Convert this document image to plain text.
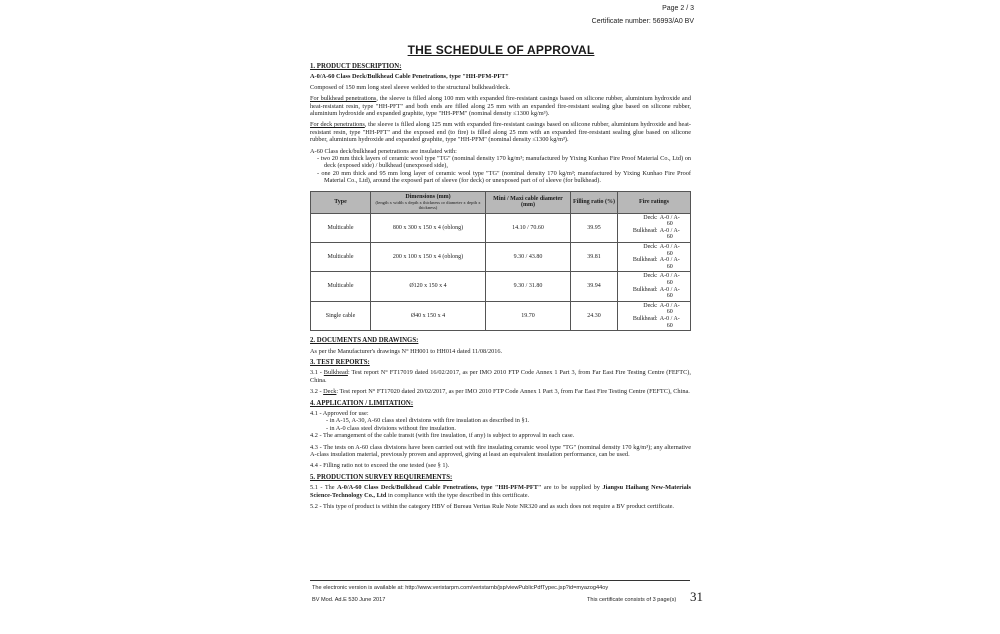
Page 2 / 3
Certificate number: 56993/A0 BV
THE SCHEDULE OF APPROVAL
1. PRODUCT DESCRIPTION:
A-0/A-60 Class Deck/Bulkhead Cable Penetrations, type "HH-PFM-PFT"
Composed of 150 mm long steel sleeve welded to the structural bulkhead/deck.
For bulkhead penetrations, the sleeve is filled along 100 mm with expanded fire-resistant casings based on silicone rubber, aluminium hydroxide and heat-resistant resin, type "HH-PFT" and both ends are filled along 25 mm with an expanded fire-resistant sealing glue based on silicone rubber, aluminium hydroxide and expanded graphite, type "HH-PFM" (nominal density ≤1300 kg/m³).
For deck penetrations, the sleeve is filled along 125 mm with expanded fire-resistant casings based on silicone rubber, aluminium hydroxide and heat-resistant resin, type "HH-PFT" and the exposed end (to fire) is filled along 25 mm with an expanded fire-resistant sealing glue based on silicone rubber, aluminium hydroxide and expanded graphite, type "HH-PFM" (nominal density ≤1300 kg/m³).
A-60 Class deck/bulkhead penetrations are insulated with:
- two 20 mm thick layers of ceramic wool type "TG" (nominal density 170 kg/m³; manufactured by Yixing Kunhao Fire Proof Material Co., Ltd) on deck (exposed side) / bulkhead (unexposed side),
- one 20 mm thick and 95 mm long layer of ceramic wool type "TG" (nominal density 170 kg/m³; manufactured by Yixing Kunhao Fire Proof Material Co., Ltd), around the exposed part of sleeve (for deck) or unexposed part of of sleeve (for bulkhead).
Type	Dimensions (mm)
(length x width x depth x thickness or diameter x depth x thickness)	Mini / Maxi cable diameter (mm)	Filling ratio (%)	Fire ratings
Multicable	800 x 300 x 150 x 4 (oblong)	14.10 / 70.60	39.95	Deck: A-0 / A-60
Bulkhead: A-0 / A-60

Multicable	200 x 100 x 150 x 4 (oblong)	9.30 / 43.80	39.81	Deck: A-0 / A-60
Bulkhead: A-0 / A-60

Multicable	Ø120 x 150 x 4	9.30 / 31.80	39.94	Deck: A-0 / A-60
Bulkhead: A-0 / A-60

Single cable	Ø40 x 150 x 4	19.70	24.30	Deck: A-0 / A-60
Bulkhead: A-0 / A-60
2. DOCUMENTS AND DRAWINGS:
As per the Manufacturer's drawings N° HH001 to HH014 dated 11/08/2016.
3. TEST REPORTS:
3.1 - Bulkhead: Test report N° FT17019 dated 16/02/2017, as per IMO 2010 FTP Code Annex 1 Part 3, from Far East Fire Testing Centre (FEFTC), China.
3.2 - Deck: Test report N° FT17020 dated 20/02/2017, as per IMO 2010 FTP Code Annex 1 Part 3, from Far East Fire Testing Centre (FEFTC), China.
4. APPLICATION / LIMITATION:
4.1 - Approved for use:
- in A-15, A-30, A-60 class steel divisions with fire insulation as described in §1.
- in A-0 class steel divisions without fire insulation.
4.2 - The arrangement of the cable transit (with fire insulation, if any) is subject to approval in each case.
4.3 - The tests on A-60 class divisions have been carried out with fire insulating ceramic wool type "TG" (nominal density 170 kg/m³); any alternative A-class insulation material, previously proven and approved, giving at least an equivalent insulation performance, can be used.
4.4 - Filling ratio not to exceed the one tested (see § 1).
5. PRODUCTION SURVEY REQUIREMENTS:
5.1 - The A-0/A-60 Class Deck/Bulkhead Cable Penetrations, type "HH-PFM-PFT" are to be supplied by Jiangsu Haihang New-Materials Science-Technology Co., Ltd in compliance with the type described in this certificate.
5.2 - This type of product is within the category HBV of Bureau Veritas Rule Note NR320 and as such does not require a BV product certificate.
The electronic version is available at: http://www.veristarpm.com/veristarnb/jsp/viewPublicPdfTypec.jsp?id=myazog44oy
BV Mod. Ad.E 530 June 2017	This certificate consists of 3 page(s) 31
